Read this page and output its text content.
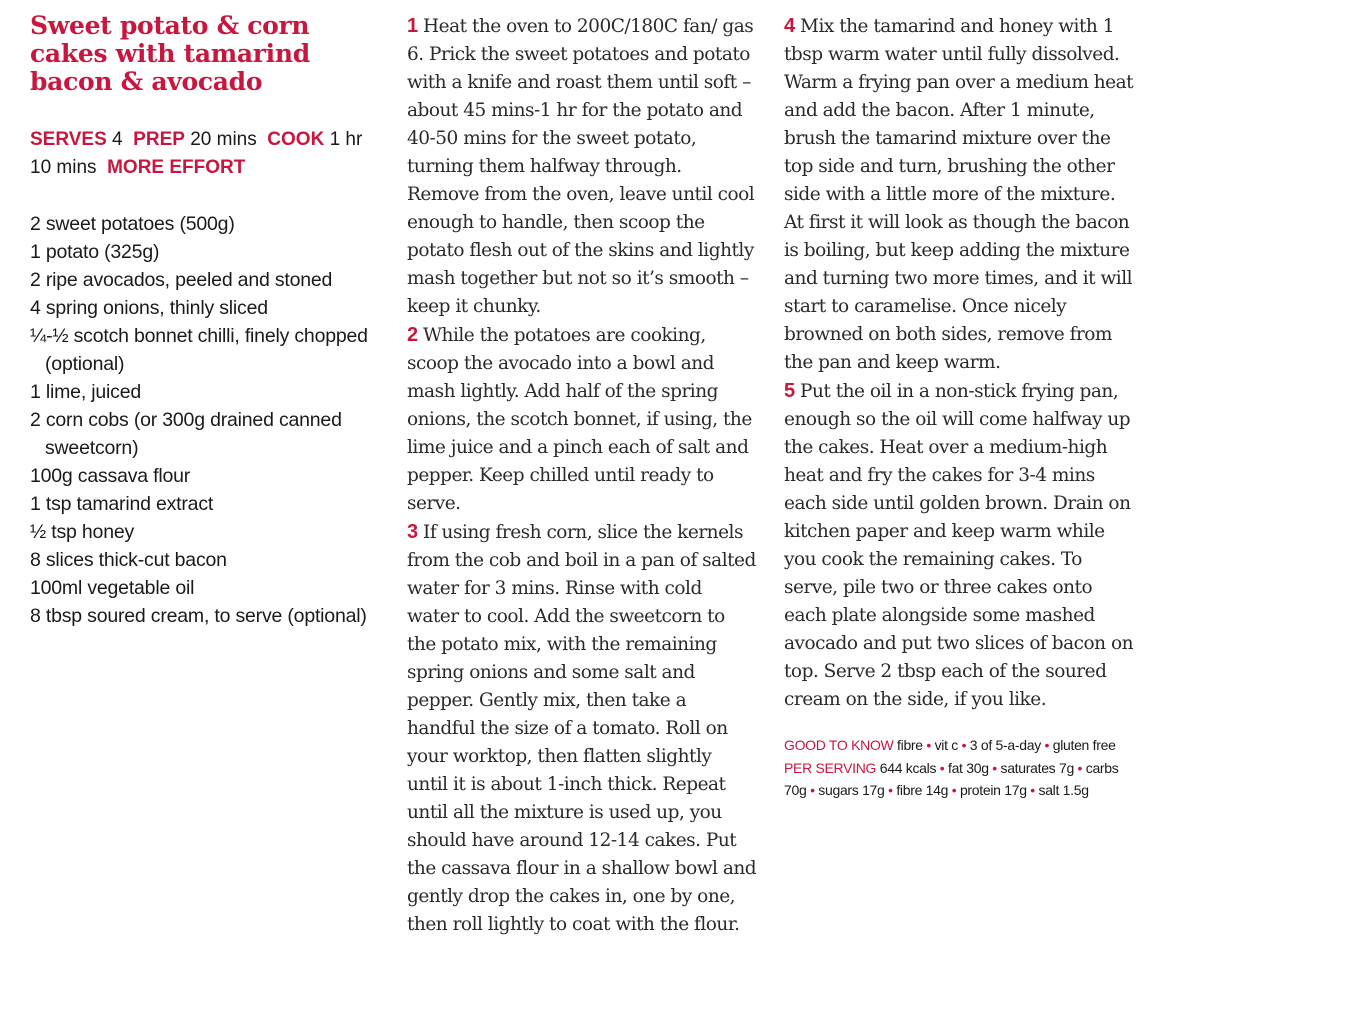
Sweet potato & corn cakes with tamarind bacon & avocado
SERVES 4 PREP 20 mins COOK 1 hr 10 mins MORE EFFORT
2 sweet potatoes (500g)
1 potato (325g)
2 ripe avocados, peeled and stoned
4 spring onions, thinly sliced
¼-½ scotch bonnet chilli, finely chopped (optional)
1 lime, juiced
2 corn cobs (or 300g drained canned sweetcorn)
100g cassava flour
1 tsp tamarind extract
½ tsp honey
8 slices thick-cut bacon
100ml vegetable oil
8 tbsp soured cream, to serve (optional)

1 Heat the oven to 200C/180C fan/ gas 6. Prick the sweet potatoes and potato with a knife and roast them until soft – about 45 mins-1 hr for the potato and 40-50 mins for the sweet potato, turning them halfway through. Remove from the oven, leave until cool enough to handle, then scoop the potato flesh out of the skins and lightly mash together but not so it’s smooth – keep it chunky.

2 While the potatoes are cooking, scoop the avocado into a bowl and mash lightly. Add half of the spring onions, the scotch bonnet, if using, the lime juice and a pinch each of salt and pepper. Keep chilled until ready to serve.

3 If using fresh corn, slice the kernels from the cob and boil in a pan of salted water for 3 mins. Rinse with cold water to cool. Add the sweetcorn to the potato mix, with the remaining spring onions and some salt and pepper. Gently mix, then take a handful the size of a tomato. Roll on your worktop, then flatten slightly until it is about 1-inch thick. Repeat until all the mixture is used up, you should have around 12-14 cakes. Put the cassava flour in a shallow bowl and gently drop the cakes in, one by one, then roll lightly to coat with the flour.

4 Mix the tamarind and honey with 1 tbsp warm water until fully dissolved. Warm a frying pan over a medium heat and add the bacon. After 1 minute, brush the tamarind mixture over the top side and turn, brushing the other side with a little more of the mixture. At first it will look as though the bacon is boiling, but keep adding the mixture and turning two more times, and it will start to caramelise. Once nicely browned on both sides, remove from the pan and keep warm.

5 Put the oil in a non-stick frying pan, enough so the oil will come halfway up the cakes. Heat over a medium-high heat and fry the cakes for 3-4 mins each side until golden brown. Drain on kitchen paper and keep warm while you cook the remaining cakes. To serve, pile two or three cakes onto each plate alongside some mashed avocado and put two slices of bacon on top. Serve 2 tbsp each of the soured cream on the side, if you like.

GOOD TO KNOW fibre • vit c • 3 of 5-a-day • gluten free

PER SERVING 644 kcals • fat 30g • saturates 7g • carbs 70g • sugars 17g • fibre 14g • protein 17g • salt 1.5g
